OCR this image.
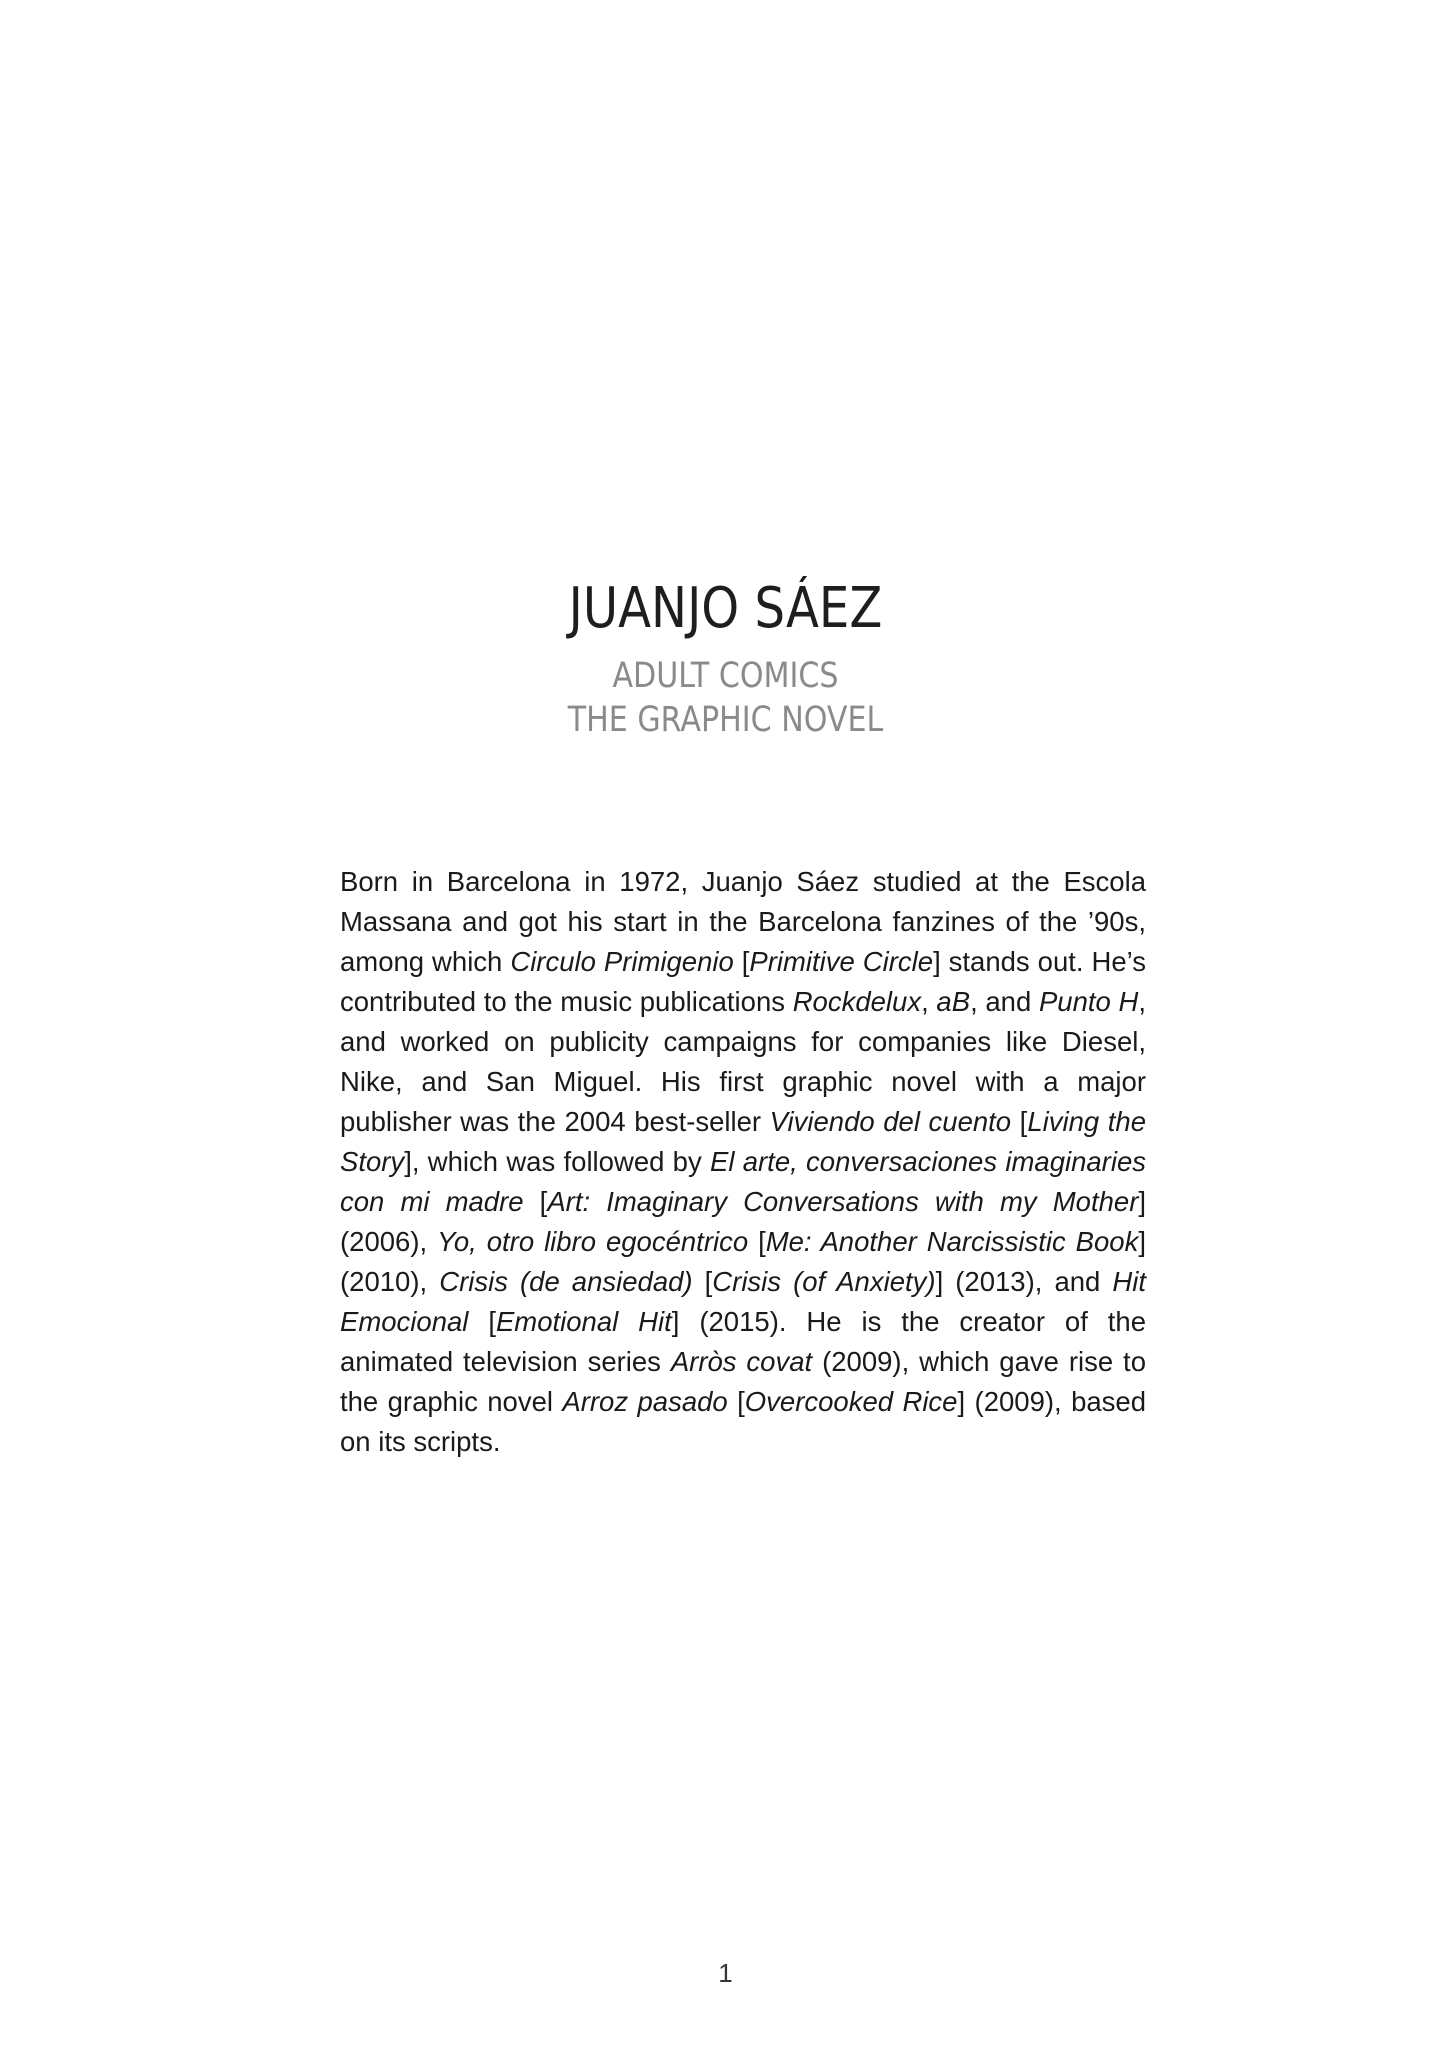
JUANJO SÁEZ
ADULT COMICS
THE GRAPHIC NOVEL

Born in Barcelona in 1972, Juanjo Sáez studied at the Escola Massana and got his start in the Barcelona fanzines of the ’90s, among which Circulo Primigenio [Primitive Circle] stands out. He’s contributed to the music publications Rockdelux, aB, and Punto H, and worked on publicity campaigns for companies like Diesel, Nike, and San Miguel. His first graphic novel with a major publisher was the 2004 best-seller Viviendo del cuento [Living the Story], which was followed by El arte, conversaciones imaginaries con mi madre [Art: Imaginary Conversations with my Mother] (2006), Yo, otro libro egocéntrico [Me: Another Narcissistic Book] (2010), Crisis (de ansiedad) [Crisis (of Anxiety)] (2013), and Hit Emocional [Emotional Hit] (2015). He is the creator of the animated television series Arròs covat (2009), which gave rise to the graphic novel Arroz pasado [Overcooked Rice] (2009), based on its scripts.

1
